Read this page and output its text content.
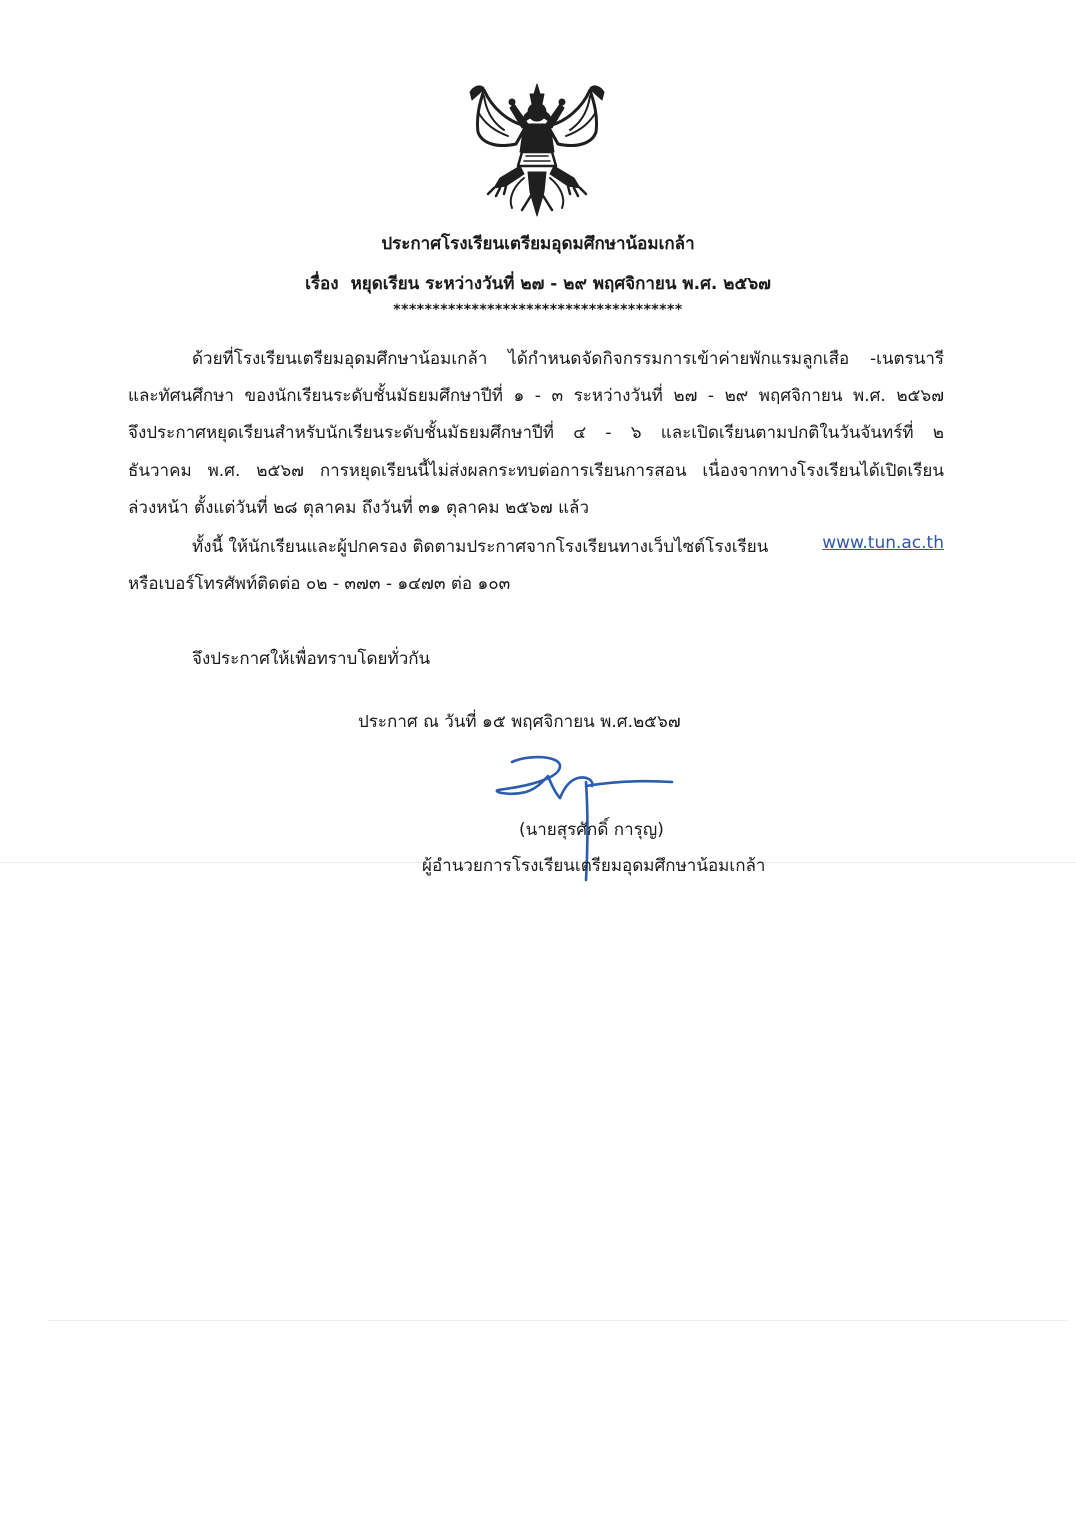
ประกาศโรงเรียนเตรียมอุดมศึกษาน้อมเกล้า
เรื่อง หยุดเรียน ระหว่างวันที่ ๒๗ - ๒๙ พฤศจิกายน พ.ศ. ๒๕๖๗
*************************************
ด้วยที่โรงเรียนเตรียมอุดมศึกษาน้อมเกล้า ได้กำหนดจัดกิจกรรมการเข้าค่ายพักแรมลูกเสือ -เนตรนารี
และทัศนศึกษา ของนักเรียนระดับชั้นมัธยมศึกษาปีที่ ๑ - ๓ ระหว่างวันที่ ๒๗ - ๒๙ พฤศจิกายน พ.ศ. ๒๕๖๗
จึงประกาศหยุดเรียนสำหรับนักเรียนระดับชั้นมัธยมศึกษาปีที่ ๔ - ๖ และเปิดเรียนตามปกติในวันจันทร์ที่ ๒
ธันวาคม พ.ศ. ๒๕๖๗ การหยุดเรียนนี้ไม่ส่งผลกระทบต่อการเรียนการสอน เนื่องจากทางโรงเรียนได้เปิดเรียน
ล่วงหน้า ตั้งแต่วันที่ ๒๘ ตุลาคม ถึงวันที่ ๓๑ ตุลาคม ๒๕๖๗ แล้ว
ทั้งนี้ ให้นักเรียนและผู้ปกครอง ติดตามประกาศจากโรงเรียนทางเว็บไซต์โรงเรียน	www.tun.ac.th
หรือเบอร์โทรศัพท์ติดต่อ ๐๒ - ๓๗๓ - ๑๔๗๓ ต่อ ๑๐๓
จึงประกาศให้เพื่อทราบโดยทั่วกัน
ประกาศ ณ วันที่ ๑๕ พฤศจิกายน พ.ศ.๒๕๖๗
(นายสุรศักดิ์ การุญ)
ผู้อำนวยการโรงเรียนเตรียมอุดมศึกษาน้อมเกล้า
